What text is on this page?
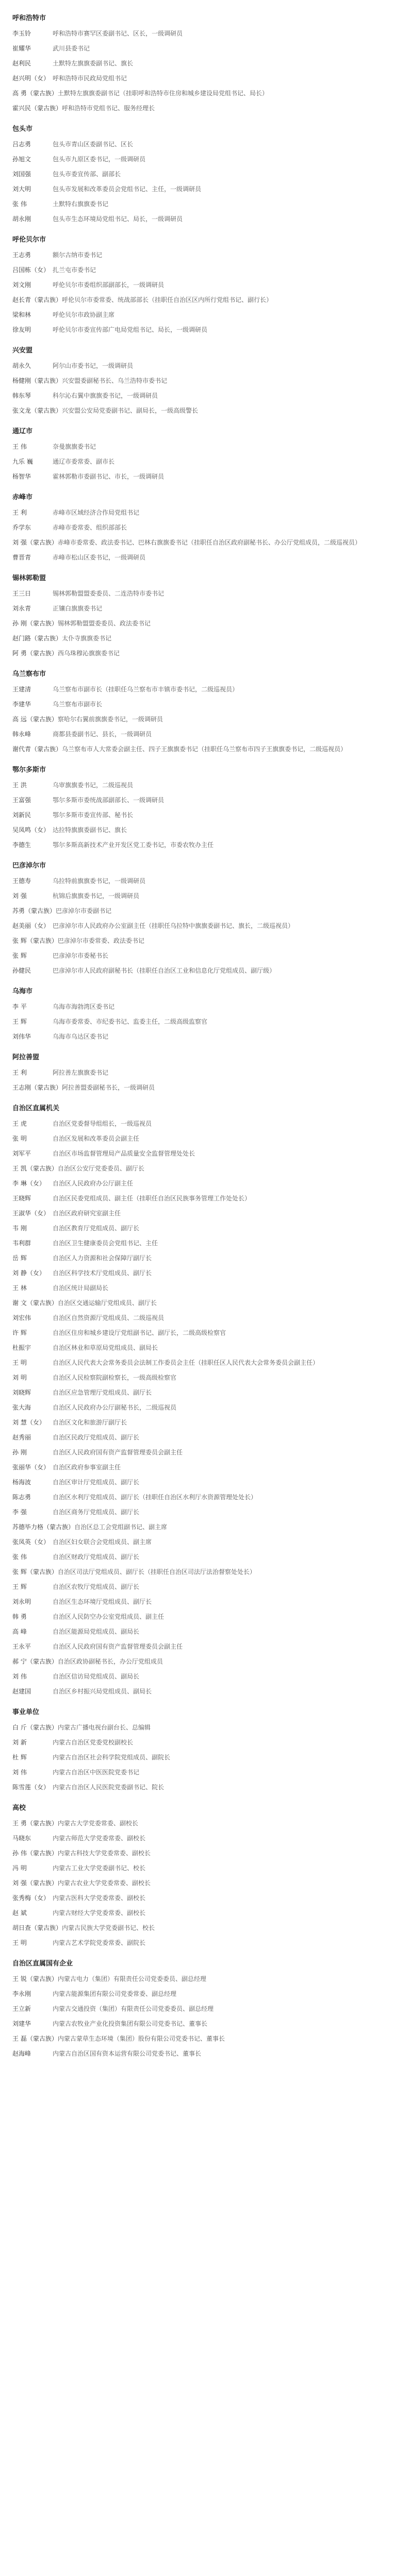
呼和浩特市
李玉铃	呼和浩特市赛罕区委副书记、区长，一级调研员
崔耀华	武川县委书记
赵利民	土默特左旗旗委副书记、旗长
赵兴明（女） 呼和浩特市民政局党组书记
高 勇（蒙古族）土默特左旗旗委副书记（挂职呼和浩特市住房和城乡建设局党组书记、局长）
霍兴民（蒙古族）呼和浩特市党组书记、服务经理长
包头市
吕志勇	包头市青山区委副书记、区长
孙旭文	包头市九原区委书记，一级调研员
刘国强	包头市委宣传部、副部长
刘大明	包头市发展和改革委员会党组书记、主任，一级调研员
张 伟	土默特右旗旗委书记
胡永刚	包头市生态环境局党组书记、局长，一级调研员
呼伦贝尔市
王志勇	额尔古纳市委书记
吕国栋（女） 扎兰屯市委书记
刘文刚	呼伦贝尔市委组织部副部长，一级调研员
赵长青（蒙古族）呼伦贝尔市委常委、统战部部长（挂职任自治区区内所行党组书记、副行长）
梁和林	呼伦贝尔市政协副主席
徐友明	呼伦贝尔市委宣传部广电局党组书记、局长，一级调研员
兴安盟
胡永久	阿尔山市委书记，一级调研员
杨健刚（蒙古族）兴安盟委副秘书长、乌兰浩特市委书记
韩东琴	科尔沁右翼中旗旗委书记，一级调研员
张文龙（蒙古族）兴安盟公安局党委副书记、副局长，一级高级警长
通辽市
王 伟	奈曼旗旗委书记
九乐 巍	通辽市委常委、副市长
杨智华	霍林郭勒市委副书记、市长，一级调研员
赤峰市
王 利	赤峰市区域经济合作局党组书记
乔学东	赤峰市委常委、组织部部长
刘 强（蒙古族）赤峰市委常委、政法委书记、巴林右旗旗委书记（挂职任自治区政府副秘书长、办公厅党组成员，二级巡视员）
曹晋青	赤峰市松山区委书记，一级调研员
锡林郭勒盟
王三日	锡林郭勒盟盟委委员、二连浩特市委书记
刘永青	正镶白旗旗委书记
孙 刚（蒙古族）锡林郭勒盟盟委委员、政法委书记
赵门路（蒙古族）太仆寺旗旗委书记
阿 勇（蒙古族）西乌珠穆沁旗旗委书记
乌兰察布市
王建清	乌兰察布市副市长（挂职任乌兰察布市丰镇市委书记，二级巡视员）
李建华	乌兰察布市副市长
高 远（蒙古族）察哈尔右翼前旗旗委书记，一级调研员
韩永峰	商都县委副书记、县长，一级调研员
谢代青（蒙古族）乌兰察布市人大常委会副主任、四子王旗旗委书记（挂职任乌兰察布市四子王旗旗委书记，二级巡视员）
鄂尔多斯市
王 洪	乌审旗旗委书记，二级巡视员
王富强	鄂尔多斯市委统战部副部长、一级调研员
刘新民	鄂尔多斯市委宣传部、秘书长
吴凤鸣（女） 达拉特旗旗委副书记、旗长
李德生	鄂尔多斯高新技术产业开发区党工委书记，市委农牧办主任
巴彦淖尔市
王德寿	乌拉特前旗旗委书记，一级调研员
刘 强	杭锦后旗旗委书记，一级调研员
苏勇（蒙古族）巴彦淖尔市委副书记
赵美丽（女） 巴彦淖尔市人民政府办公室副主任（挂职任乌拉特中旗旗委副书记、旗长，二级巡视员）
张 辉（蒙古族）巴彦淖尔市委常委、政法委书记
张 辉	巴彦淖尔市委秘书长
孙健民	巴彦淖尔市人民政府副秘书长（挂职任自治区工业和信息化厅党组成员、副厅级）
乌海市
李 平	乌海市海勃湾区委书记
王 辉	乌海市委常委、市纪委书记、监委主任，二级高级监察官
刘伟华	乌海市乌达区委书记
阿拉善盟
王 利	阿拉善左旗旗委书记
王志刚（蒙古族）阿拉善盟委副秘书长，一级调研员
自治区直属机关
王 虎	自治区党委督导组组长，一级巡视员
张 明	自治区发展和改革委员会副主任
刘军平	自治区市场监督管理局产品质量安全监督管理处处长
王 凯（蒙古族）自治区公安厅党委委员、副厅长
李 琳（女） 自治区人民政府办公厅副主任
王晓辉	自治区民委党组成员、副主任（挂职任自治区民族事务管理工作处处长）
王淑华（女） 自治区政府研究室副主任
韦 刚	自治区教育厅党组成员、副厅长
韦利群	自治区卫生健康委员会党组书记、主任
岳 辉	自治区人力资源和社会保障厅副厅长
刘 静（女） 自治区科学技术厅党组成员、副厅长
王 林	自治区统计局副局长
谢 文（蒙古族）自治区交通运输厅党组成员、副厅长
刘宏伟	自治区自然资源厅党组成员、二级巡视员
许 辉	自治区住房和城乡建设厅党组副书记、副厅长，二级高级检察官
杜振宇	自治区林业和草原局党组成员、副局长
王 明	自治区人民代表大会常务委员会法制工作委员会主任（挂职任区人民代表大会常务委员会副主任）
刘 明	自治区人民检察院副检察长，一级高级检察官
刘晓辉	自治区应急管理厅党组成员、副厅长
张大海	自治区人民政府办公厅副秘书长，二级巡视员
刘 慧（女） 自治区文化和旅游厅副厅长
赵秀丽	自治区民政厅党组成员、副厅长
孙 刚	自治区人民政府国有资产监督管理委员会副主任
张丽华（女） 自治区政府参事室副主任
杨海波	自治区审计厅党组成员、副厅长
陈志勇	自治区水利厅党组成员、副厅长（挂职任自治区水利厅水资源管理处处长）
李 强	自治区商务厅党组成员、副厅长
苏德毕力格（蒙古族）自治区总工会党组副书记、副主席
张凤英（女） 自治区妇女联合会党组成员、副主席
张 伟	自治区财政厅党组成员、副厅长
张 辉（蒙古族）自治区司法厅党组成员、副厅长（挂职任自治区司法厅法治督察处处长）
王 辉	自治区农牧厅党组成员、副厅长
刘永明	自治区生态环境厅党组成员、副厅长
韩 勇	自治区人民防空办公室党组成员、副主任
高 峰	自治区能源局党组成员、副局长
王永平	自治区人民政府国有资产监督管理委员会副主任
郝 宁（蒙古族）自治区政协副秘书长，办公厅党组成员
刘 伟	自治区信访局党组成员、副局长
赵建国	自治区乡村振兴局党组成员、副局长
事业单位
白 斤（蒙古族）内蒙古广播电视台副台长、总编辑
刘 新	内蒙古自治区党委党校副校长
杜 辉	内蒙古自治区社会科学院党组成员、副院长
刘 伟	内蒙古自治区中医医院党委书记
陈雪莲（女） 内蒙古自治区人民医院党委副书记、院长
高校
王 勇（蒙古族）内蒙古大学党委常委、副校长
马晓东	内蒙古师范大学党委常委、副校长
孙 伟（蒙古族）内蒙古科技大学党委常委、副校长
冯 明	内蒙古工业大学党委副书记、校长
刘 强（蒙古族）内蒙古农业大学党委常委、副校长
张秀梅（女） 内蒙古医科大学党委常委、副校长
赵 斌	内蒙古财经大学党委常委、副校长
胡日查（蒙古族）内蒙古民族大学党委副书记、校长
王 明	内蒙古艺术学院党委常委、副院长
自治区直属国有企业
王 锐（蒙古族）内蒙古电力（集团）有限责任公司党委委员、副总经理
李永刚	内蒙古能源集团有限公司党委常委、副总经理
王立新	内蒙古交通投资（集团）有限责任公司党委委员、副总经理
刘建华	内蒙古农牧业产业化投资集团有限公司党委书记、董事长
王 磊（蒙古族）内蒙古蒙草生态环境（集团）股份有限公司党委书记、董事长
赵海峰	内蒙古自治区国有资本运营有限公司党委书记、董事长
